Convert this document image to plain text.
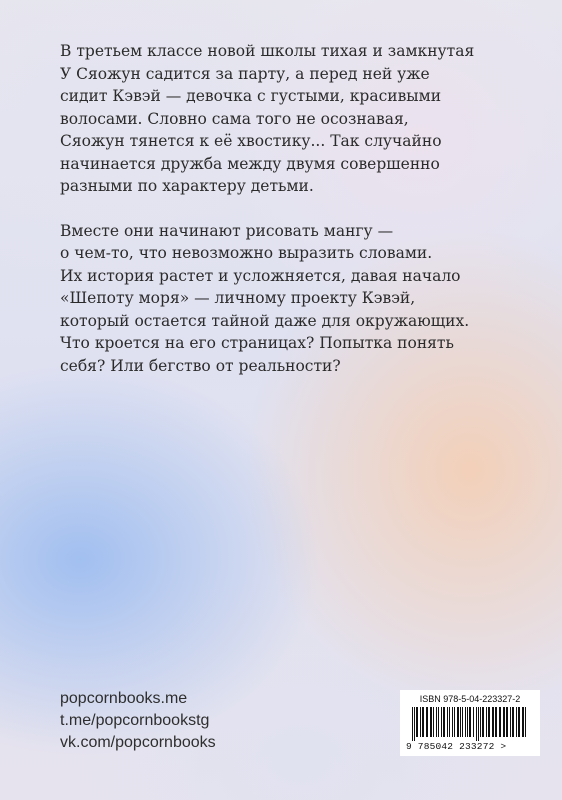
В третьем классе новой школы тихая и замкнутая
У Сяожун садится за парту, а перед ней уже
сидит Кэвэй — девочка с густыми, красивыми
волосами. Словно сама того не осознавая,
Сяожун тянется к её хвостику... Так случайно
начинается дружба между двумя совершенно
разными по характеру детьми.

Вместе они начинают рисовать мангу —
о чем-то, что невозможно выразить словами.
Их история растет и усложняется, давая начало
«Шепоту моря» — личному проекту Кэвэй,
который остается тайной даже для окружающих.
Что кроется на его страницах? Попытка понять
себя? Или бегство от реальности?

popcornbooks.me
t.me/popcornbookstg
vk.com/popcornbooks
ISBN 978-5-04-223327-2
9 785042 233272 >
